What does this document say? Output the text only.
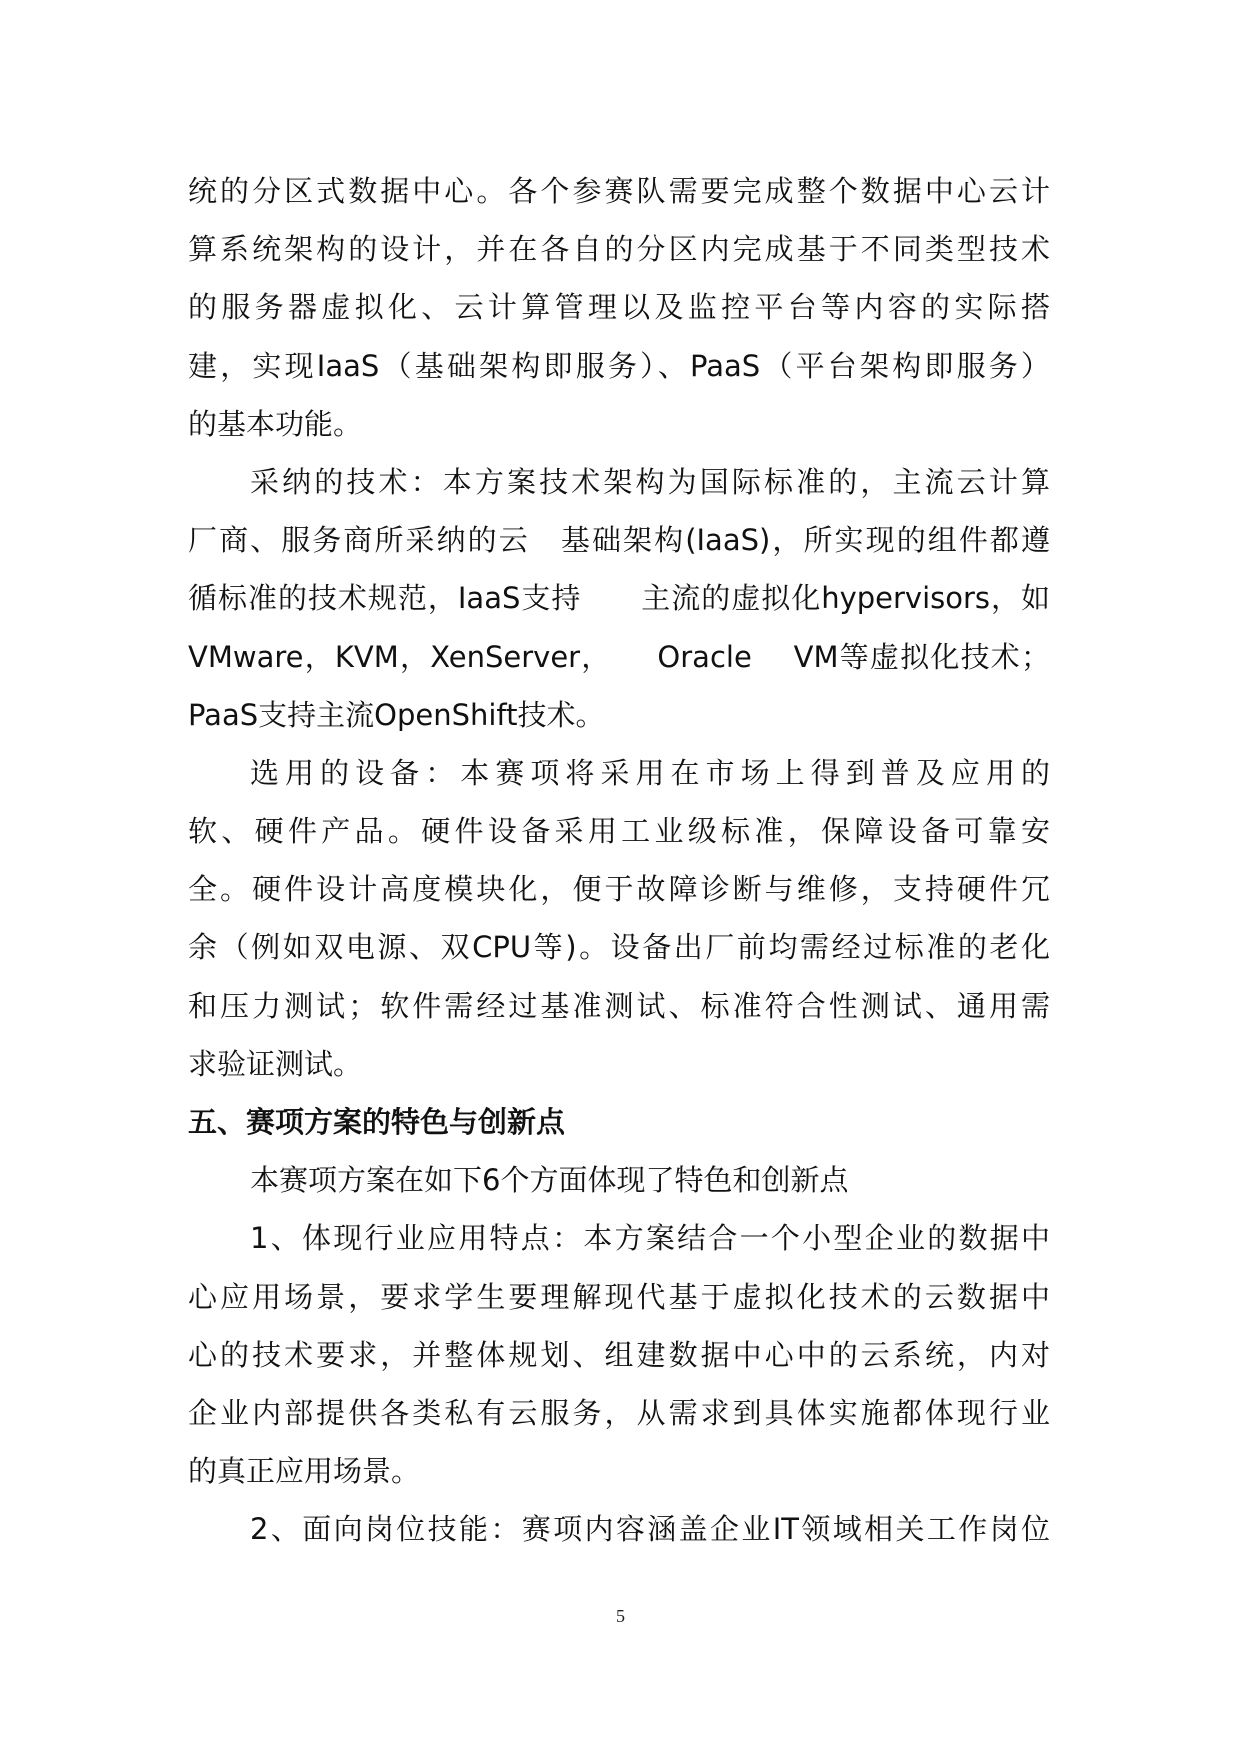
统的分区式数据中心。各个参赛队需要完成整个数据中心云计
算系统架构的设计，并在各自的分区内完成基于不同类型技术
的服务器虚拟化、云计算管理以及监控平台等内容的实际搭
建，实现IaaS（基础架构即服务）、PaaS（平台架构即服务）
的基本功能。
采纳的技术：本方案技术架构为国际标准的，主流云计算
厂商、服务商所采纳的云　基础架构(IaaS)，所实现的组件都遵
循标准的技术规范，IaaS支持　　主流的虚拟化hypervisors，如
VMware，KVM，XenServer，　　Oracle　 VM等虚拟化技术；
PaaS支持主流OpenShift技术。
选用的设备：本赛项将采用在市场上得到普及应用的
软、硬件产品。硬件设备采用工业级标准，保障设备可靠安
全。硬件设计高度模块化，便于故障诊断与维修，支持硬件冗
余（例如双电源、双CPU等)。设备出厂前均需经过标准的老化
和压力测试；软件需经过基准测试、标准符合性测试、通用需
求验证测试。
五、赛项方案的特色与创新点
本赛项方案在如下6个方面体现了特色和创新点
1、体现行业应用特点：本方案结合一个小型企业的数据中
心应用场景，要求学生要理解现代基于虚拟化技术的云数据中
心的技术要求，并整体规划、组建数据中心中的云系统，内对
企业内部提供各类私有云服务，从需求到具体实施都体现行业
的真正应用场景。
2、面向岗位技能：赛项内容涵盖企业IT领域相关工作岗位
5
